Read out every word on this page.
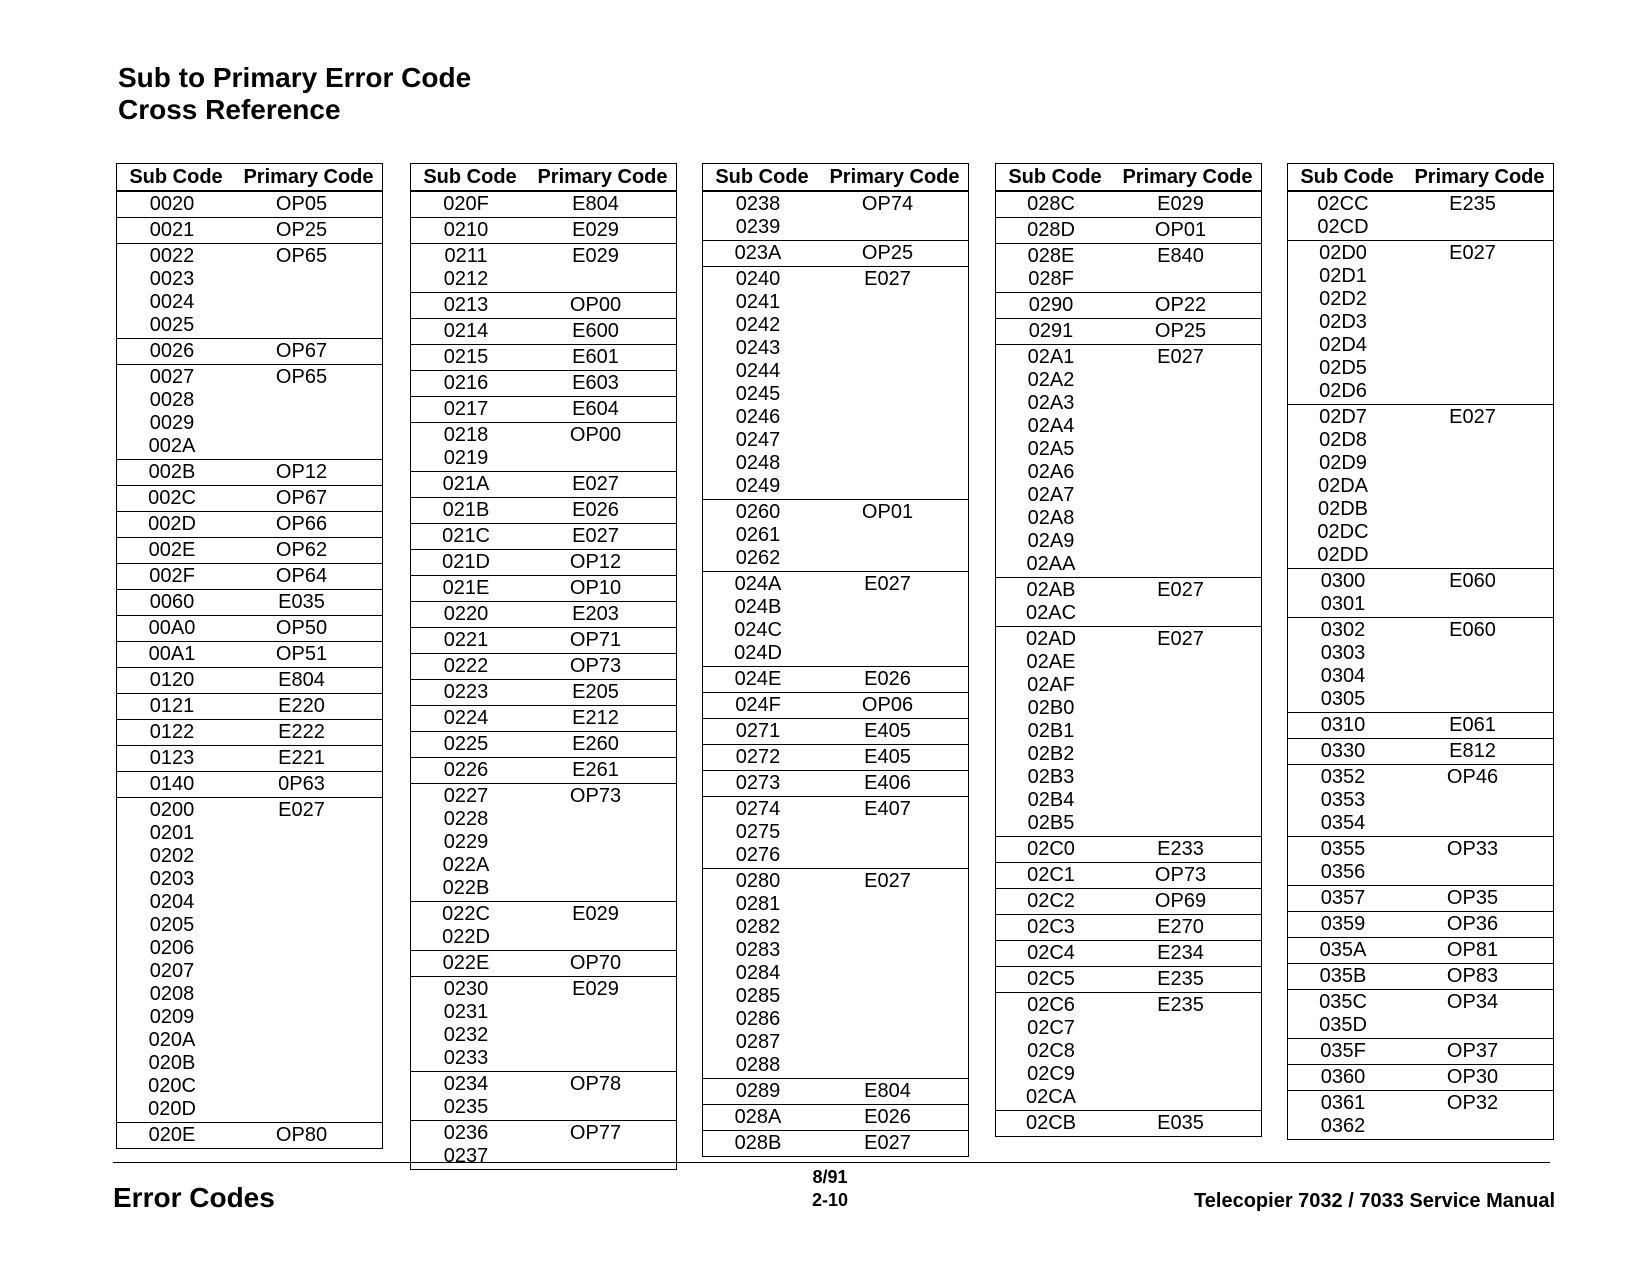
Sub to Primary Error Code
Cross Reference
Sub Code	Primary Code
0020	OP05
0021	OP25
0022	OP65
0023
0024
0025
0026	OP67
0027	OP65
0028
0029
002A
002B	OP12
002C	OP67
002D	OP66
002E	OP62
002F	OP64
0060	E035
00A0	OP50
00A1	OP51
0120	E804
0121	E220
0122	E222
0123	E221
0140	0P63
0200	E027
0201
0202
0203
0204
0205
0206
0207
0208
0209
020A
020B
020C
020D
020E	OP80
Sub Code	Primary Code
020F	E804
0210	E029
0211	E029
0212
0213	OP00
0214	E600
0215	E601
0216	E603
0217	E604
0218	OP00
0219
021A	E027
021B	E026
021C	E027
021D	OP12
021E	OP10
0220	E203
0221	OP71
0222	OP73
0223	E205
0224	E212
0225	E260
0226	E261
0227	OP73
0228
0229
022A
022B
022C	E029
022D
022E	OP70
0230	E029
0231
0232
0233
0234	OP78
0235
0236	OP77
0237
Sub Code	Primary Code
0238	OP74
0239
023A	OP25
0240	E027
0241
0242
0243
0244
0245
0246
0247
0248
0249
0260	OP01
0261
0262
024A	E027
024B
024C
024D
024E	E026
024F	OP06
0271	E405
0272	E405
0273	E406
0274	E407
0275
0276
0280	E027
0281
0282
0283
0284
0285
0286
0287
0288
0289	E804
028A	E026
028B	E027
Sub Code	Primary Code
028C	E029
028D	OP01
028E	E840
028F
0290	OP22
0291	OP25
02A1	E027
02A2
02A3
02A4
02A5
02A6
02A7
02A8
02A9
02AA
02AB	E027
02AC
02AD	E027
02AE
02AF
02B0
02B1
02B2
02B3
02B4
02B5
02C0	E233
02C1	OP73
02C2	OP69
02C3	E270
02C4	E234
02C5	E235
02C6	E235
02C7
02C8
02C9
02CA
02CB	E035
Sub Code	Primary Code
02CC	E235
02CD
02D0	E027
02D1
02D2
02D3
02D4
02D5
02D6
02D7	E027
02D8
02D9
02DA
02DB
02DC
02DD
0300	E060
0301
0302	E060
0303
0304
0305
0310	E061
0330	E812
0352	OP46
0353
0354
0355	OP33
0356
0357	OP35
0359	OP36
035A	OP81
035B	OP83
035C	OP34
035D
035F	OP37
0360	OP30
0361	OP32
0362
Error Codes
8/91
2-10	Telecopier 7032 / 7033 Service Manual
